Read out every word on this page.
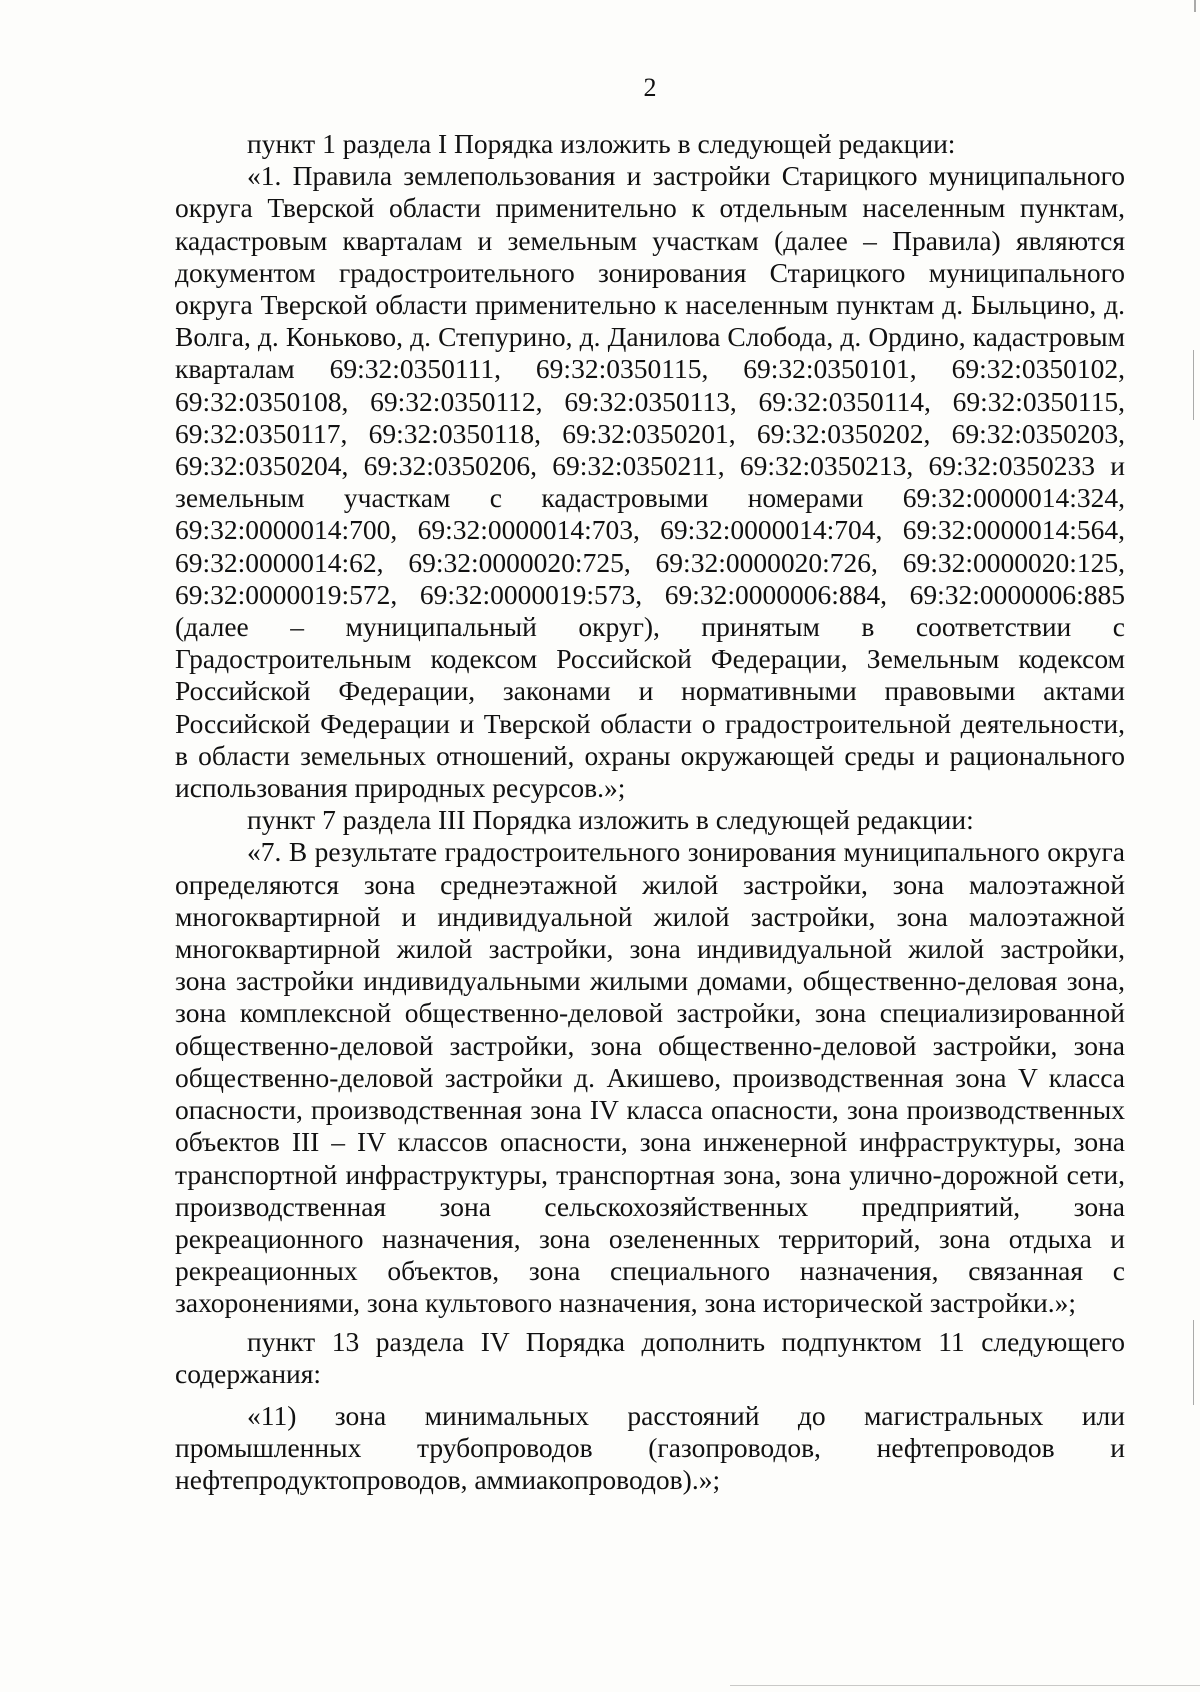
2

пункт 1 раздела I Порядка изложить в следующей редакции:

«1. Правила землепользования и застройки Старицкого муниципального округа Тверской области применительно к отдельным населенным пунктам, кадастровым кварталам и земельным участкам (далее – Правила) являются документом градостроительного зонирования Старицкого муниципального округа Тверской области применительно к населенным пунктам д. Быльцино, д. Волга, д. Коньково, д. Степурино, д. Данилова Слобода, д. Ордино, кадастровым кварталам 69:32:0350111, 69:32:0350115, 69:32:0350101, 69:32:0350102, 69:32:0350108, 69:32:0350112, 69:32:0350113, 69:32:0350114, 69:32:0350115, 69:32:0350117, 69:32:0350118, 69:32:0350201, 69:32:0350202, 69:32:0350203, 69:32:0350204, 69:32:0350206, 69:32:0350211, 69:32:0350213, 69:32:0350233 и земельным участкам с кадастровыми номерами 69:32:0000014:324, 69:32:0000014:700, 69:32:0000014:703, 69:32:0000014:704, 69:32:0000014:564, 69:32:0000014:62, 69:32:0000020:725, 69:32:0000020:726, 69:32:0000020:125, 69:32:0000019:572, 69:32:0000019:573, 69:32:0000006:884, 69:32:0000006:885 (далее – муниципальный округ), принятым в соответствии с Градостроительным кодексом Российской Федерации, Земельным кодексом Российской Федерации, законами и нормативными правовыми актами Российской Федерации и Тверской области о градостроительной деятельности, в области земельных отношений, охраны окружающей среды и рационального использования природных ресурсов.»;

пункт 7 раздела III Порядка изложить в следующей редакции:

«7. В результате градостроительного зонирования муниципального округа определяются зона среднеэтажной жилой застройки, зона малоэтажной многоквартирной и индивидуальной жилой застройки, зона малоэтажной многоквартирной жилой застройки, зона индивидуальной жилой застройки, зона застройки индивидуальными жилыми домами, общественно-деловая зона, зона комплексной общественно-деловой застройки, зона специализированной общественно-деловой застройки, зона общественно-деловой застройки, зона общественно-деловой застройки д. Акишево, производственная зона V класса опасности, производственная зона IV класса опасности, зона производственных объектов III – IV классов опасности, зона инженерной инфраструктуры, зона транспортной инфраструктуры, транспортная зона, зона улично-дорожной сети, производственная зона сельскохозяйственных предприятий, зона рекреационного назначения, зона озелененных территорий, зона отдыха и рекреационных объектов, зона специального назначения, связанная с захоронениями, зона культового назначения, зона исторической застройки.»;

пункт 13 раздела IV Порядка дополнить подпунктом 11 следующего содержания:

«11) зона минимальных расстояний до магистральных или промышленных трубопроводов (газопроводов, нефтепроводов и нефтепродуктопроводов, аммиакопроводов).»;
